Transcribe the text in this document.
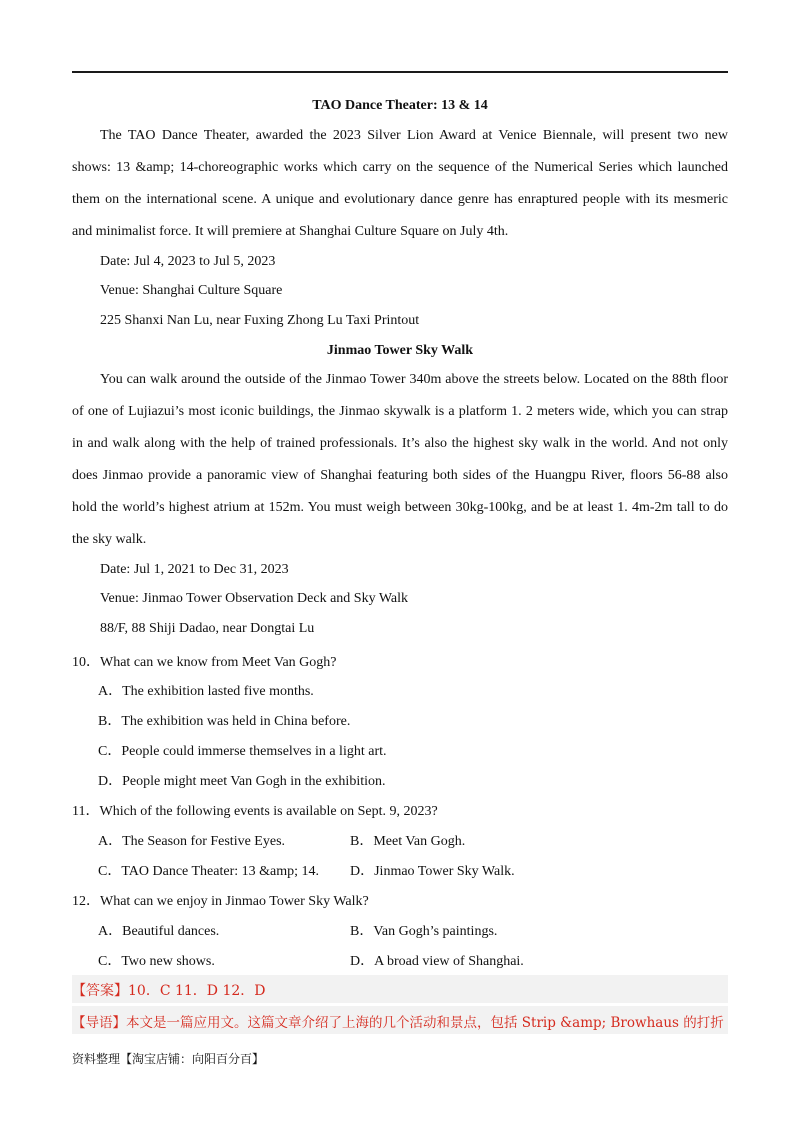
TAO Dance Theater: 13 & 14
The TAO Dance Theater, awarded the 2023 Silver Lion Award at Venice Biennale, will present two new
shows: 13 &amp; 14-choreographic works which carry on the sequence of the Numerical Series which launched
them on the international scene. A unique and evolutionary dance genre has enraptured people with its mesmeric
and minimalist force. It will premiere at Shanghai Culture Square on July 4th.
Date: Jul 4, 2023 to Jul 5, 2023
Venue: Shanghai Culture Square
225 Shanxi Nan Lu, near Fuxing Zhong Lu Taxi Printout
Jinmao Tower Sky Walk
You can walk around the outside of the Jinmao Tower 340m above the streets below. Located on the 88th floor
of one of Lujiazui’s most iconic buildings, the Jinmao skywalk is a platform 1. 2 meters wide, which you can strap
in and walk along with the help of trained professionals. It’s also the highest sky walk in the world. And not only
does Jinmao provide a panoramic view of Shanghai featuring both sides of the Huangpu River, floors 56-88 also
hold the world’s highest atrium at 152m. You must weigh between 30kg-100kg, and be at least 1. 4m-2m tall to do
the sky walk.
Date: Jul 1, 2021 to Dec 31, 2023
Venue: Jinmao Tower Observation Deck and Sky Walk
88/F, 88 Shiji Dadao, near Dongtai Lu
10．What can we know from Meet Van Gogh?
A．The exhibition lasted five months.
B．The exhibition was held in China before.
C．People could immerse themselves in a light art.
D．People might meet Van Gogh in the exhibition.
11．Which of the following events is available on Sept. 9, 2023?
A．The Season for Festive Eyes.	B．Meet Van Gogh.
C．TAO Dance Theater: 13 &amp; 14. D．Jinmao Tower Sky Walk.
12．What can we enjoy in Jinmao Tower Sky Walk?
A．Beautiful dances.	B．Van Gogh’s paintings.
C．Two new shows.	D．A broad view of Shanghai.
【答案】10．C 11．D 12．D
【导语】本文是一篇应用文。这篇文章介绍了上海的几个活动和景点，包括 Strip &amp; Browhaus 的打折
资料整理【淘宝店铺：向阳百分百】
